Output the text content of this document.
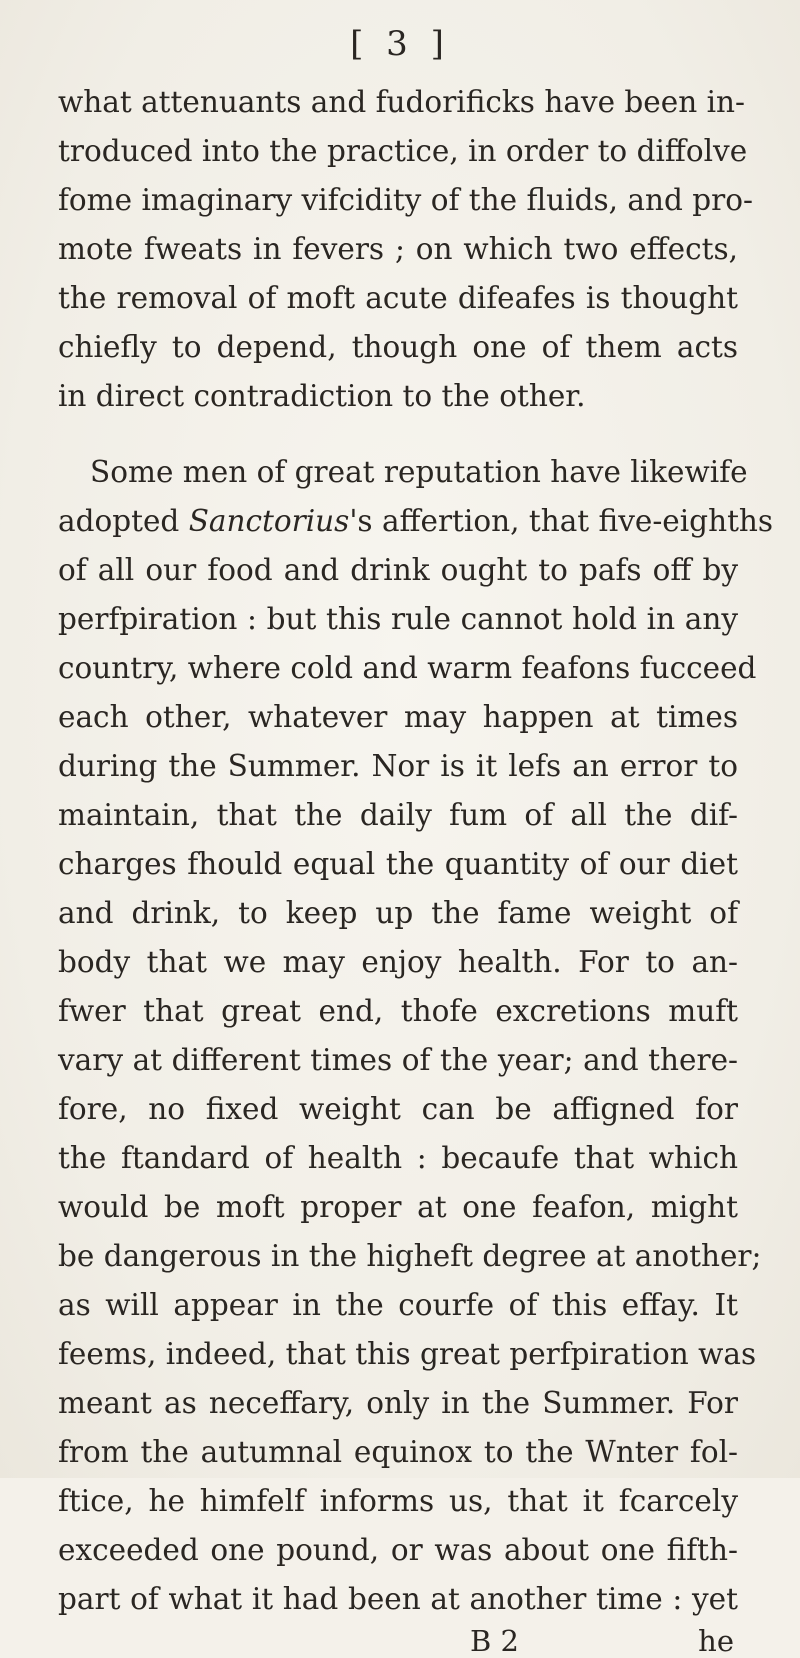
[ 3 ]
what attenuants and fudorificks have been in-
troduced into the practice, in order to diffolve
fome imaginary vifcidity of the fluids, and pro-
mote fweats in fevers ; on which two effects,
the removal of moft acute difeafes is thought
chiefly to depend, though one of them acts
in direct contradiction to the other.
Some men of great reputation have likewife
adopted Sanctorius's affertion, that five-eighths
of all our food and drink ought to pafs off by
perfpiration : but this rule cannot hold in any
country, where cold and warm feafons fucceed
each other, whatever may happen at times
during the Summer. Nor is it lefs an error to
maintain, that the daily fum of all the dif-
charges fhould equal the quantity of our diet
and drink, to keep up the fame weight of
body that we may enjoy health. For to an-
fwer that great end, thofe excretions muft
vary at different times of the year; and there-
fore, no fixed weight can be affigned for
the ftandard of health : becaufe that which
would be moft proper at one feafon, might
be dangerous in the higheft degree at another;
as will appear in the courfe of this effay. It
feems, indeed, that this great perfpiration was
meant as neceffary, only in the Summer. For
from the autumnal equinox to the Wnter fol-
ftice, he himfelf informs us, that it fcarcely
exceeded one pound, or was about one fifth-
part of what it had been at another time : yet
B 2	he
